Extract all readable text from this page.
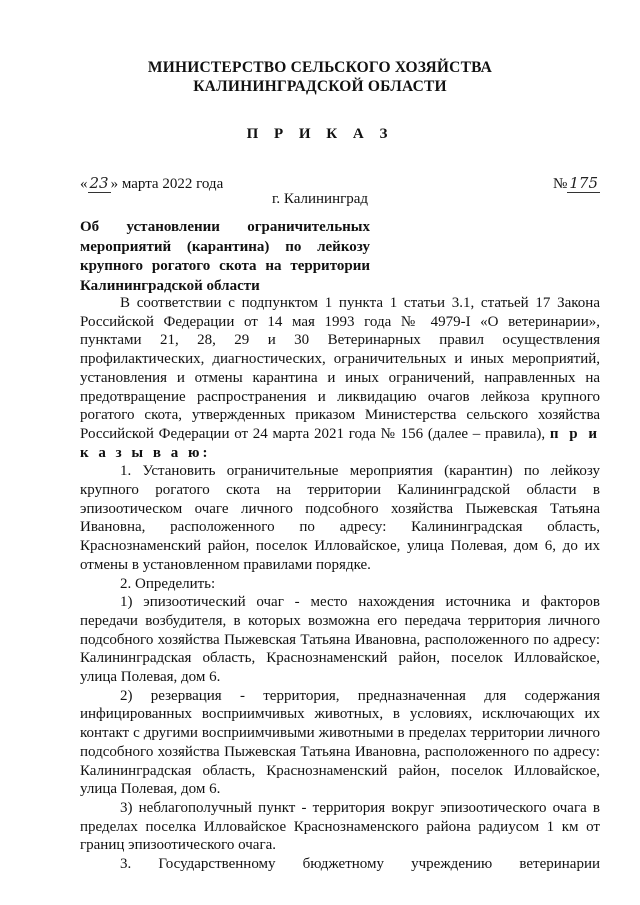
МИНИСТЕРСТВО СЕЛЬСКОГО ХОЗЯЙСТВА
КАЛИНИНГРАДСКОЙ ОБЛАСТИ
П Р И К А З
« 23 » марта 2022 года	№ 175
г. Калининград
Об установлении ограничительных мероприятий (карантина) по лейкозу крупного рогатого скота на территории Калининградской области

В соответствии с подпунктом 1 пункта 1 статьи 3.1, статьей 17 Закона Российской Федерации от 14 мая 1993 года № 4979-I «О ветеринарии», пунктами 21, 28, 29 и 30 Ветеринарных правил осуществления профилактических, диагностических, ограничительных и иных мероприятий, установления и отмены карантина и иных ограничений, направленных на предотвращение распространения и ликвидацию очагов лейкоза крупного рогатого скота, утвержденных приказом Министерства сельского хозяйства Российской Федерации от 24 марта 2021 года № 156 (далее – правила), п р и к а з ы в а ю:

1. Установить ограничительные мероприятия (карантин) по лейкозу крупного рогатого скота на территории Калининградской области в эпизоотическом очаге личного подсобного хозяйства Пыжевская Татьяна Ивановна, расположенного по адресу: Калининградская область, Краснознаменский район, поселок Илловайское, улица Полевая, дом 6, до их отмены в установленном правилами порядке.

2. Определить:

1) эпизоотический очаг - место нахождения источника и факторов передачи возбудителя, в которых возможна его передача территория личного подсобного хозяйства Пыжевская Татьяна Ивановна, расположенного по адресу: Калининградская область, Краснознаменский район, поселок Илловайское, улица Полевая, дом 6.

2) резервация - территория, предназначенная для содержания инфицированных восприимчивых животных, в условиях, исключающих их контакт с другими восприимчивыми животными в пределах территории личного подсобного хозяйства Пыжевская Татьяна Ивановна, расположенного по адресу: Калининградская область, Краснознаменский район, поселок Илловайское, улица Полевая, дом 6.

3) неблагополучный пункт - территория вокруг эпизоотического очага в пределах поселка Илловайское Краснознаменского района радиусом 1 км от границ эпизоотического очага.

3. Государственному бюджетному учреждению ветеринарии
